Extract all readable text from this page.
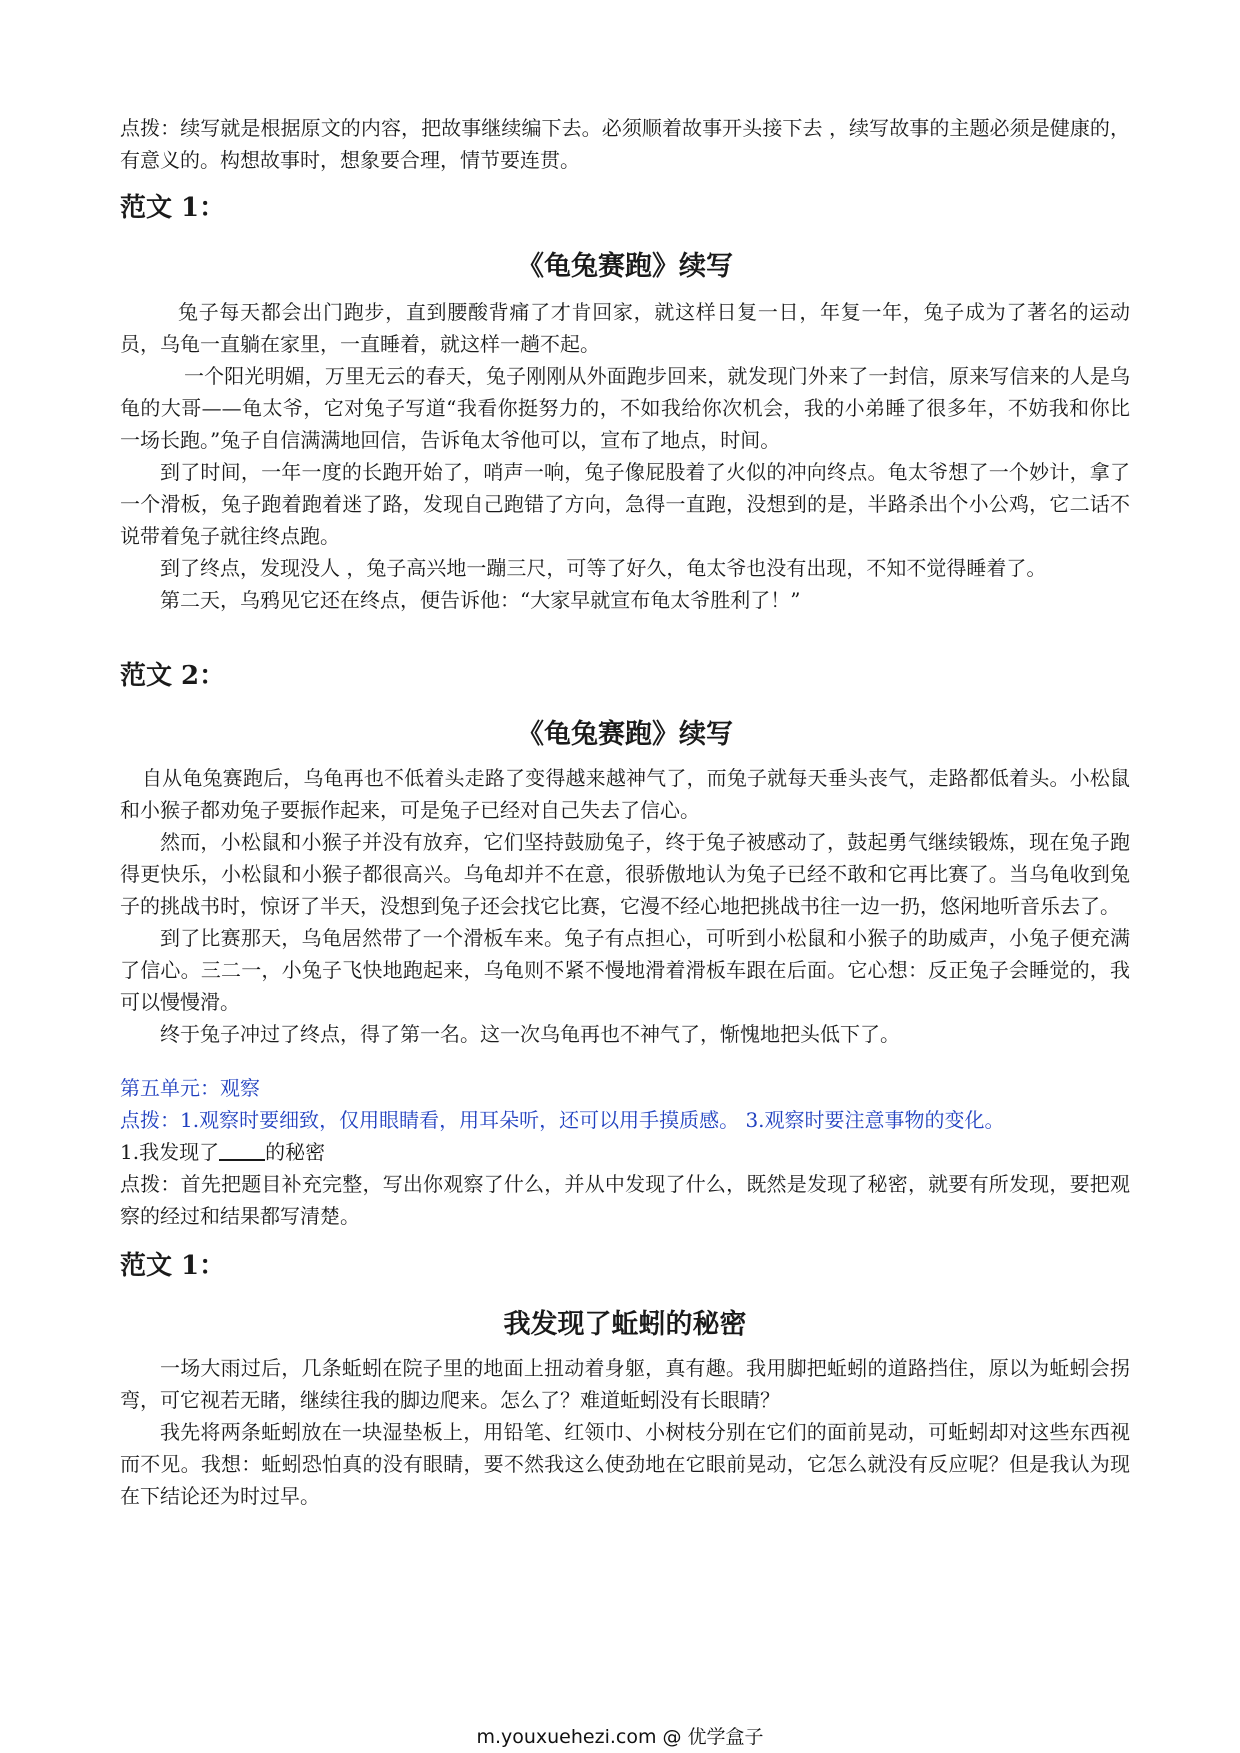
点拨：续写就是根据原文的内容，把故事继续编下去。必须顺着故事开头接下去 ，续写故事的主题必须是健康的，有意义的。构想故事时，想象要合理，情节要连贯。

范文 1：
《龟兔赛跑》续写

兔子每天都会出门跑步，直到腰酸背痛了才肯回家，就这样日复一日，年复一年，兔子成为了著名的运动员，乌龟一直躺在家里，一直睡着，就这样一趟不起。

一个阳光明媚，万里无云的春天，兔子刚刚从外面跑步回来，就发现门外来了一封信，原来写信来的人是乌龟的大哥——龟太爷，它对兔子写道“我看你挺努力的，不如我给你次机会，我的小弟睡了很多年，不妨我和你比一场长跑。”兔子自信满满地回信，告诉龟太爷他可以，宣布了地点，时间。

到了时间，一年一度的长跑开始了，哨声一响，兔子像屁股着了火似的冲向终点。龟太爷想了一个妙计，拿了一个滑板，兔子跑着跑着迷了路，发现自己跑错了方向，急得一直跑，没想到的是，半路杀出个小公鸡，它二话不说带着兔子就往终点跑。

到了终点，发现没人 ，兔子高兴地一蹦三尺，可等了好久，龟太爷也没有出现，不知不觉得睡着了。

第二天，乌鸦见它还在终点，便告诉他：“大家早就宣布龟太爷胜利了！”

范文 2：
《龟兔赛跑》续写

自从龟兔赛跑后，乌龟再也不低着头走路了变得越来越神气了，而兔子就每天垂头丧气，走路都低着头。小松鼠和小猴子都劝兔子要振作起来，可是兔子已经对自己失去了信心。

然而，小松鼠和小猴子并没有放弃，它们坚持鼓励兔子，终于兔子被感动了，鼓起勇气继续锻炼，现在兔子跑得更快乐，小松鼠和小猴子都很高兴。乌龟却并不在意，很骄傲地认为兔子已经不敢和它再比赛了。当乌龟收到兔子的挑战书时，惊讶了半天，没想到兔子还会找它比赛，它漫不经心地把挑战书往一边一扔，悠闲地听音乐去了。

到了比赛那天，乌龟居然带了一个滑板车来。兔子有点担心，可听到小松鼠和小猴子的助威声，小兔子便充满了信心。三二一，小兔子飞快地跑起来，乌龟则不紧不慢地滑着滑板车跟在后面。它心想：反正兔子会睡觉的，我可以慢慢滑。

终于兔子冲过了终点，得了第一名。这一次乌龟再也不神气了，惭愧地把头低下了。

第五单元：观察

点拨：1.观察时要细致，仅用眼睛看，用耳朵听，还可以用手摸质感。 3.观察时要注意事物的变化。

1.我发现了 的秘密

点拨：首先把题目补充完整，写出你观察了什么，并从中发现了什么，既然是发现了秘密，就要有所发现，要把观察的经过和结果都写清楚。

范文 1：
我发现了蚯蚓的秘密

一场大雨过后，几条蚯蚓在院子里的地面上扭动着身躯，真有趣。我用脚把蚯蚓的道路挡住，原以为蚯蚓会拐弯，可它视若无睹，继续往我的脚边爬来。怎么了？难道蚯蚓没有长眼睛？

我先将两条蚯蚓放在一块湿垫板上，用铅笔、红领巾、小树枝分别在它们的面前晃动，可蚯蚓却对这些东西视而不见。我想：蚯蚓恐怕真的没有眼睛，要不然我这么使劲地在它眼前晃动，它怎么就没有反应呢？但是我认为现在下结论还为时过早。

m.youxuehezi.com @ 优学盒子
